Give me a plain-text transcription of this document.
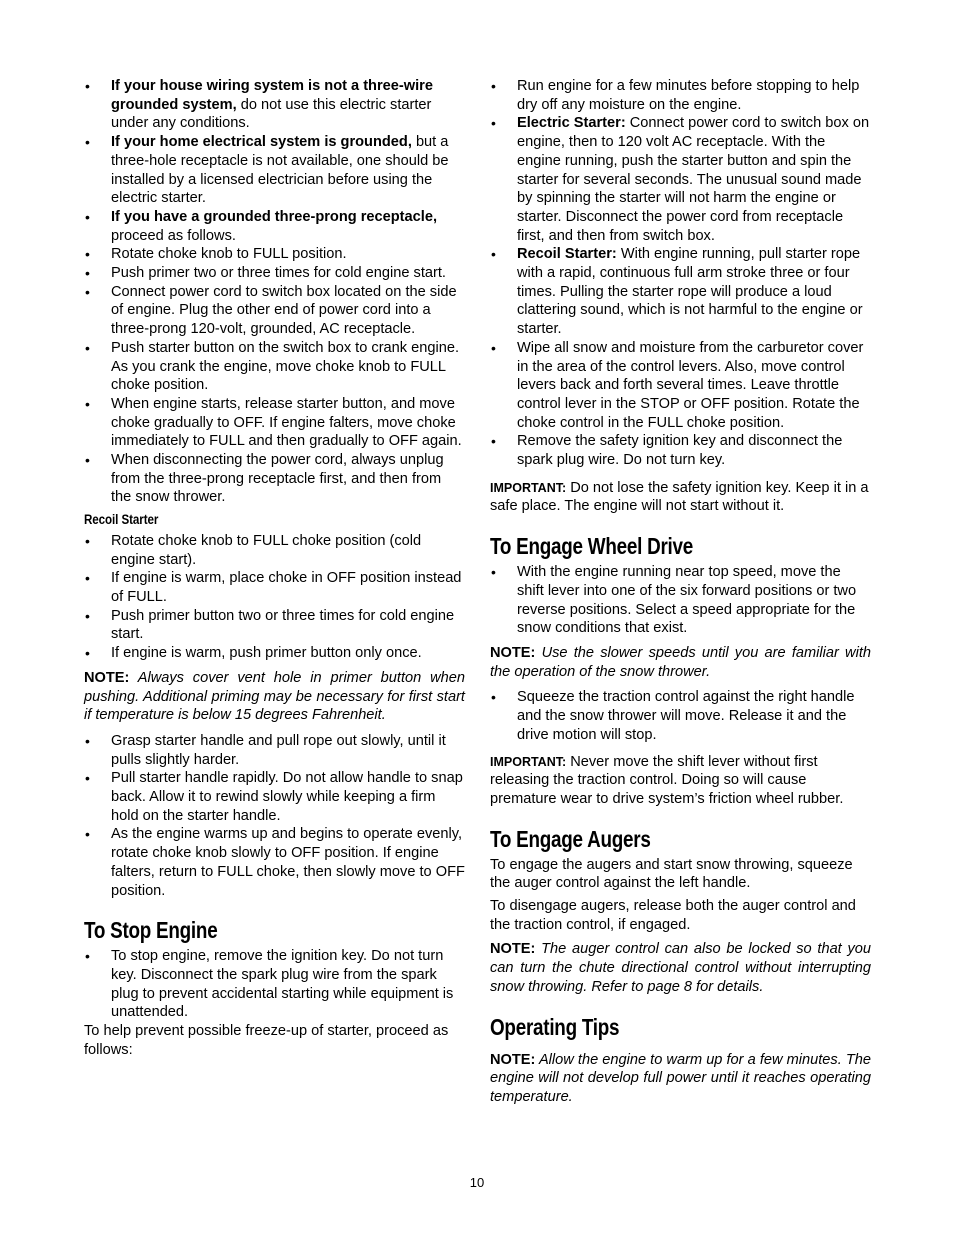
• If your house wiring system is not a three-wire grounded system, do not use this electric starter under any conditions.
• If your home electrical system is grounded, but a three-hole receptacle is not available, one should be installed by a licensed electrician before using the electric starter.
• If you have a grounded three-prong receptacle, proceed as follows.
• Rotate choke knob to FULL position.
• Push primer two or three times for cold engine start.
• Connect power cord to switch box located on the side of engine. Plug the other end of power cord into a three-prong 120-volt, grounded, AC receptacle.
• Push starter button on the switch box to crank engine. As you crank the engine, move choke knob to FULL choke position.
• When engine starts, release starter button, and move choke gradually to OFF. If engine falters, move choke immediately to FULL and then gradually to OFF again.
• When disconnecting the power cord, always unplug from the three-prong receptacle first, and then from the snow thrower.
Recoil Starter
• Rotate choke knob to FULL choke position (cold engine start).
• If engine is warm, place choke in OFF position instead of FULL.
• Push primer button two or three times for cold engine start.
• If engine is warm, push primer button only once.

NOTE: Always cover vent hole in primer button when pushing. Additional priming may be necessary for first start if temperature is below 15 degrees Fahrenheit.

• Grasp starter handle and pull rope out slowly, until it pulls slightly harder.
• Pull starter handle rapidly. Do not allow handle to snap back. Allow it to rewind slowly while keeping a firm hold on the starter handle.
• As the engine warms up and begins to operate evenly, rotate choke knob slowly to OFF position. If engine falters, return to FULL choke, then slowly move to OFF position.
To Stop Engine
• To stop engine, remove the ignition key. Do not turn key. Disconnect the spark plug wire from the spark plug to prevent accidental starting while equipment is unattended.

To help prevent possible freeze-up of starter, proceed as follows:

• Run engine for a few minutes before stopping to help dry off any moisture on the engine.
• Electric Starter: Connect power cord to switch box on engine, then to 120 volt AC receptacle. With the engine running, push the starter button and spin the starter for several seconds. The unusual sound made by spinning the starter will not harm the engine or starter. Disconnect the power cord from receptacle first, and then from switch box.
• Recoil Starter: With engine running, pull starter rope with a rapid, continuous full arm stroke three or four times. Pulling the starter rope will produce a loud clattering sound, which is not harmful to the engine or starter.
• Wipe all snow and moisture from the carburetor cover in the area of the control levers. Also, move control levers back and forth several times. Leave throttle control lever in the STOP or OFF position. Rotate the choke control in the FULL choke position.
• Remove the safety ignition key and disconnect the spark plug wire. Do not turn key.

IMPORTANT: Do not lose the safety ignition key. Keep it in a safe place. The engine will not start without it.

To Engage Wheel Drive
• With the engine running near top speed, move the shift lever into one of the six forward positions or two reverse positions. Select a speed appropriate for the snow conditions that exist.

NOTE: Use the slower speeds until you are familiar with the operation of the snow thrower.

• Squeeze the traction control against the right handle and the snow thrower will move. Release it and the drive motion will stop.

IMPORTANT: Never move the shift lever without first releasing the traction control. Doing so will cause premature wear to drive system’s friction wheel rubber.

To Engage Augers

To engage the augers and start snow throwing, squeeze the auger control against the left handle.

To disengage augers, release both the auger control and the traction control, if engaged.

NOTE: The auger control can also be locked so that you can turn the chute directional control without interrupting snow throwing. Refer to page 8 for details.

Operating Tips

NOTE: Allow the engine to warm up for a few minutes. The engine will not develop full power until it reaches operating temperature.

10
